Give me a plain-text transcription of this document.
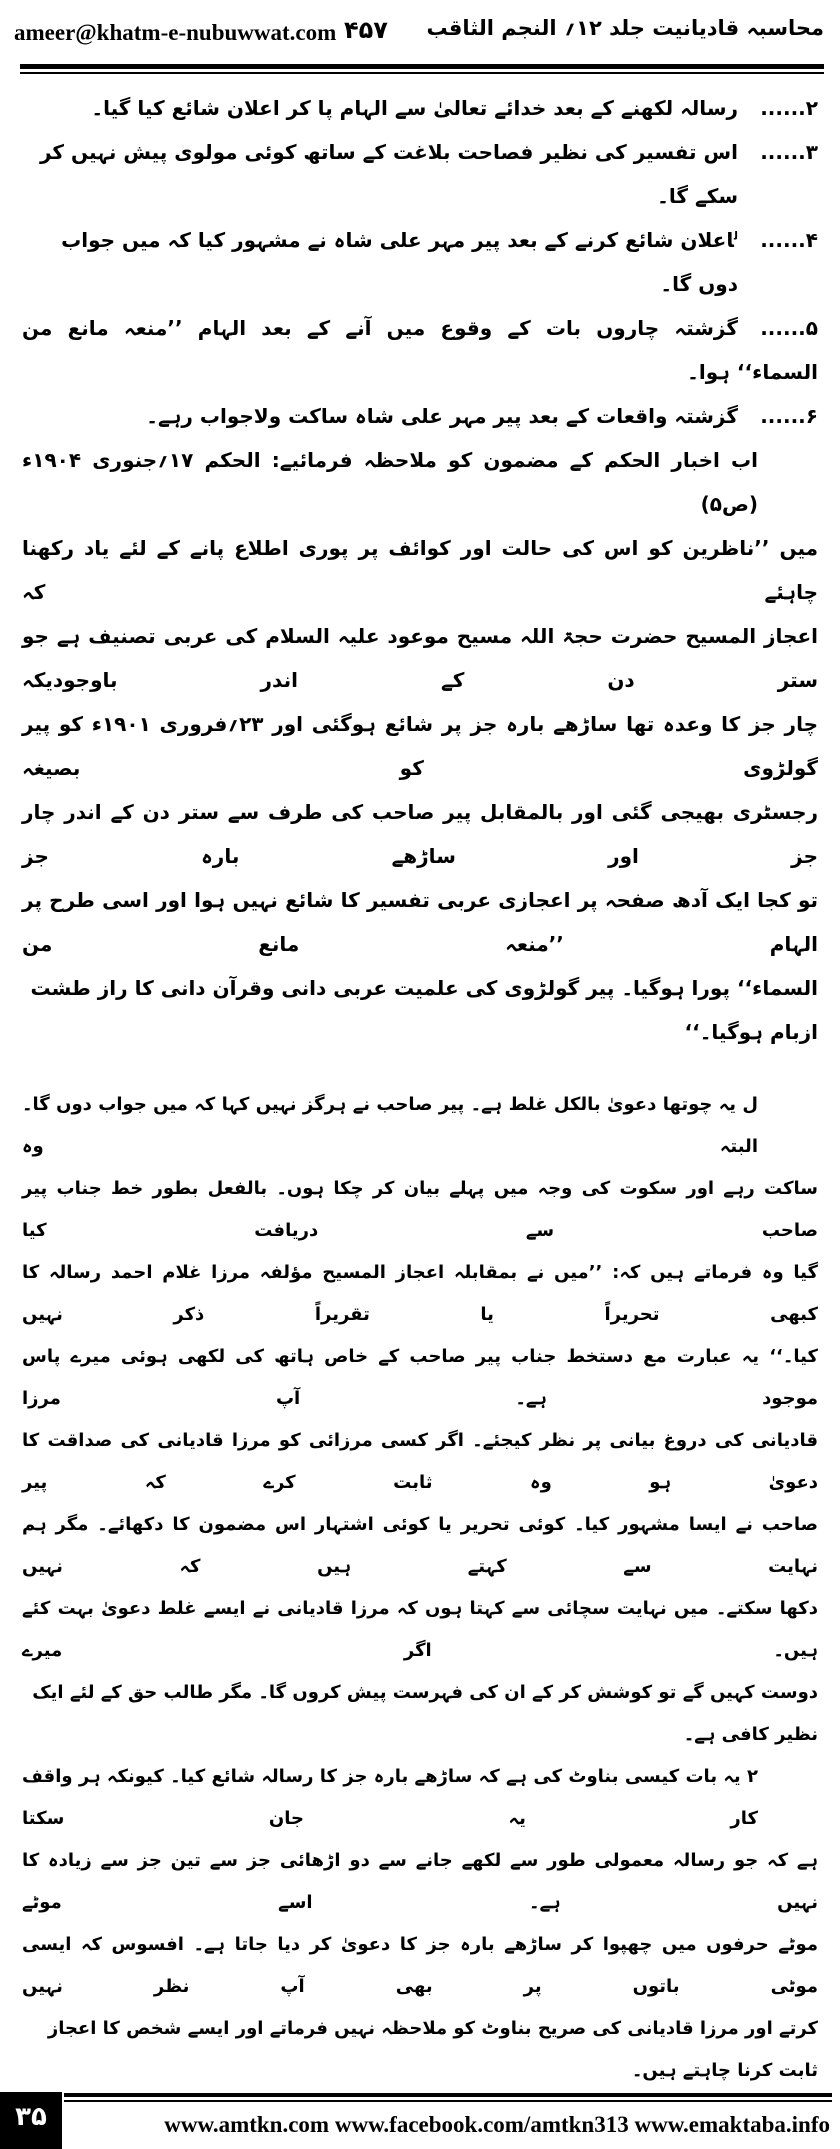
ameer@khatm-e-nubuwwat.com ۴۵۷ محاسبہ قادیانیت جلد ۱۲؍ النجم الثاقب
۲......
رسالہ لکھنے کے بعد خدائے تعالیٰ سے الہام پا کر اعلان شائع کیا گیا۔
۳......
اس تفسیر کی نظیر فصاحت بلاغت کے ساتھ کوئی مولوی پیش نہیں کر سکے گا۔
۴......
$^ل$اعلان شائع کرنے کے بعد پیر مہر علی شاہ نے مشہور کیا کہ میں جواب دوں گا۔
۵......
گزشتہ چاروں بات کے وقوع میں آنے کے بعد الہام ’’منعہ مانع من
السماء‘‘ ہوا۔
۶......
گزشتہ واقعات کے بعد پیر مہر علی شاہ ساکت ولاجواب رہے۔
اب اخبار الحکم کے مضمون کو ملاحظہ فرمائیے: الحکم ۱۷؍جنوری ۱۹۰۴ء (ص۵)
میں ’’ناظرین کو اس کی حالت اور کوائف پر پوری اطلاع پانے کے لئے یاد رکھنا چاہئے کہ
اعجاز المسیح حضرت حجۃ اللہ مسیح موعود علیہ السلام کی عربی تصنیف ہے جو ستر دن کے اندر باوجودیکہ
چار جز کا وعدہ تھا ساڑھے بارہ جز پر شائع ہوگئی اور ۲۳؍فروری ۱۹۰۱ء کو پیر گولڑوی کو بصیغہ
رجسٹری بھیجی گئی اور بالمقابل پیر صاحب کی طرف سے ستر دن کے اندر چار جز اور ساڑھے بارہ جز
تو کجا ایک آدھ صفحہ پر اعجازی عربی تفسیر کا شائع نہیں ہوا اور اسی طرح پر الہام ’’منعہ مانع من
السماء‘‘ پورا ہوگیا۔ پیر گولڑوی کی علمیت عربی دانی وقرآن دانی کا راز طشت ازبام ہوگیا۔‘‘
ل یہ چوتھا دعویٰ بالکل غلط ہے۔ پیر صاحب نے ہرگز نہیں کہا کہ میں جواب دوں گا۔ البتہ وہ
ساکت رہے اور سکوت کی وجہ میں پہلے بیان کر چکا ہوں۔ بالفعل بطور خط جناب پیر صاحب سے دریافت کیا
گیا وہ فرماتے ہیں کہ: ’’میں نے بمقابلہ اعجاز المسیح مؤلفہ مرزا غلام احمد رسالہ کا کبھی تحریراً یا تقریراً ذکر نہیں
کیا۔‘‘ یہ عبارت مع دستخط جناب پیر صاحب کے خاص ہاتھ کی لکھی ہوئی میرے پاس موجود ہے۔ آپ مرزا
قادیانی کی دروغ بیانی پر نظر کیجئے۔ اگر کسی مرزائی کو مرزا قادیانی کی صداقت کا دعویٰ ہو وہ ثابت کرے کہ پیر
صاحب نے ایسا مشہور کیا۔ کوئی تحریر یا کوئی اشتہار اس مضمون کا دکھائے۔ مگر ہم نہایت سے کہتے ہیں کہ نہیں
دکھا سکتے۔ میں نہایت سچائی سے کہتا ہوں کہ مرزا قادیانی نے ایسے غلط دعویٰ بہت کئے ہیں۔ اگر میرے
دوست کہیں گے تو کوشش کر کے ان کی فہرست پیش کروں گا۔ مگر طالب حق کے لئے ایک نظیر کافی ہے۔
۲ یہ بات کیسی بناوٹ کی ہے کہ ساڑھے بارہ جز کا رسالہ شائع کیا۔ کیونکہ ہر واقف کار یہ جان سکتا
ہے کہ جو رسالہ معمولی طور سے لکھے جانے سے دو اڑھائی جز سے تین جز سے زیادہ کا نہیں ہے۔ اسے موٹے
موٹے حرفوں میں چھپوا کر ساڑھے بارہ جز کا دعویٰ کر دیا جاتا ہے۔ افسوس کہ ایسی موٹی باتوں پر بھی آپ نظر نہیں
کرتے اور مرزا قادیانی کی صریح بناوٹ کو ملاحظہ نہیں فرماتے اور ایسے شخص کا اعجاز ثابت کرنا چاہتے ہیں۔
۳۵	www.amtkn.com www.facebook.com/amtkn313 www.emaktaba.info
